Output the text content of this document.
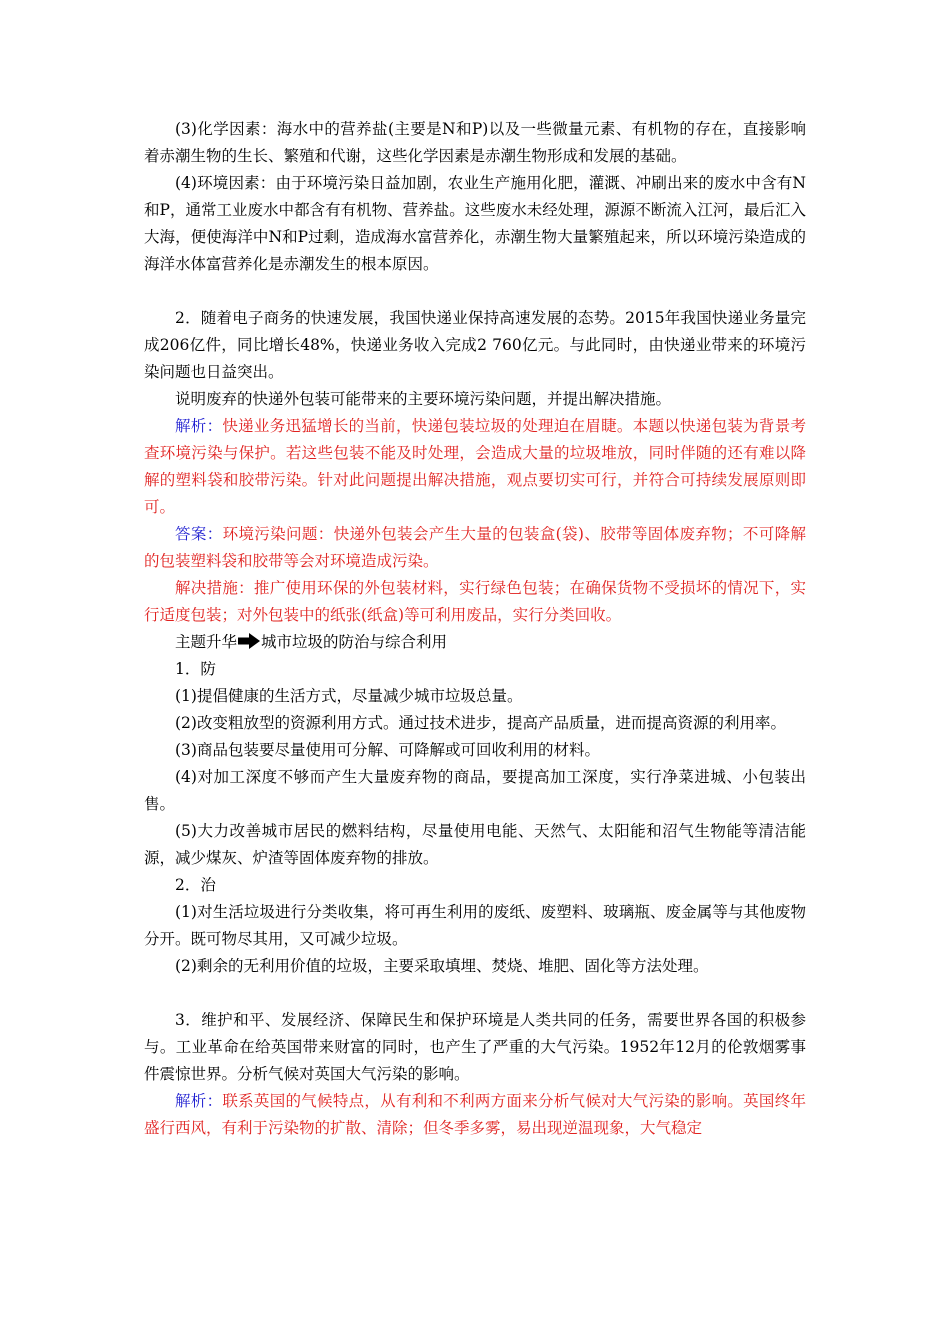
(3)化学因素：海水中的营养盐(主要是N和P)以及一些微量元素、有机物的存在，直接影响着赤潮生物的生长、繁殖和代谢，这些化学因素是赤潮生物形成和发展的基础。

(4)环境因素：由于环境污染日益加剧，农业生产施用化肥，灌溉、冲刷出来的废水中含有N和P，通常工业废水中都含有有机物、营养盐。这些废水未经处理，源源不断流入江河，最后汇入大海，便使海洋中N和P过剩，造成海水富营养化，赤潮生物大量繁殖起来，所以环境污染造成的海洋水体富营养化是赤潮发生的根本原因。

2．随着电子商务的快速发展，我国快递业保持高速发展的态势。2015年我国快递业务量完成206亿件，同比增长48%，快递业务收入完成2 760亿元。与此同时，由快递业带来的环境污染问题也日益突出。

说明废弃的快递外包装可能带来的主要环境污染问题，并提出解决措施。

解析：快递业务迅猛增长的当前，快递包装垃圾的处理迫在眉睫。本题以快递包装为背景考查环境污染与保护。若这些包装不能及时处理，会造成大量的垃圾堆放，同时伴随的还有难以降解的塑料袋和胶带污染。针对此问题提出解决措施，观点要切实可行，并符合可持续发展原则即可。

答案：环境污染问题：快递外包装会产生大量的包装盒(袋)、胶带等固体废弃物；不可降解的包装塑料袋和胶带等会对环境造成污染。

解决措施：推广使用环保的外包装材料，实行绿色包装；在确保货物不受损坏的情况下，实行适度包装；对外包装中的纸张(纸盒)等可利用废品，实行分类回收。

主题升华 城市垃圾的防治与综合利用

1．防

(1)提倡健康的生活方式，尽量减少城市垃圾总量。

(2)改变粗放型的资源利用方式。通过技术进步，提高产品质量，进而提高资源的利用率。

(3)商品包装要尽量使用可分解、可降解或可回收利用的材料。

(4)对加工深度不够而产生大量废弃物的商品，要提高加工深度，实行净菜进城、小包装出售。

(5)大力改善城市居民的燃料结构，尽量使用电能、天然气、太阳能和沼气生物能等清洁能源，减少煤灰、炉渣等固体废弃物的排放。

2．治

(1)对生活垃圾进行分类收集，将可再生利用的废纸、废塑料、玻璃瓶、废金属等与其他废物分开。既可物尽其用，又可减少垃圾。

(2)剩余的无利用价值的垃圾，主要采取填埋、焚烧、堆肥、固化等方法处理。

3．维护和平、发展经济、保障民生和保护环境是人类共同的任务，需要世界各国的积极参与。工业革命在给英国带来财富的同时，也产生了严重的大气污染。1952年12月的伦敦烟雾事件震惊世界。分析气候对英国大气污染的影响。

解析：联系英国的气候特点，从有利和不利两方面来分析气候对大气污染的影响。英国终年盛行西风，有利于污染物的扩散、清除；但冬季多雾，易出现逆温现象，大气稳定
